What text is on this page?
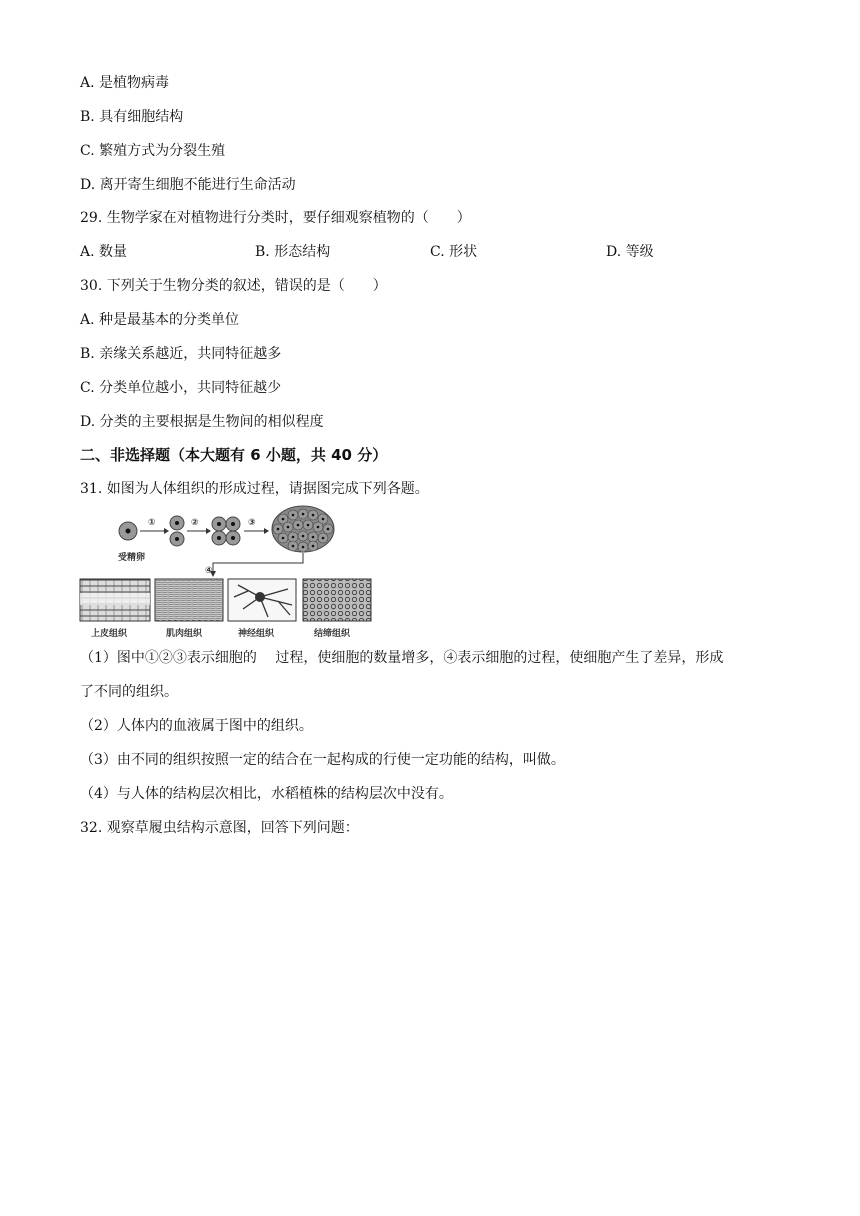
A. 是植物病毒
B. 具有细胞结构
C. 繁殖方式为分裂生殖
D. 离开寄生细胞不能进行生命活动
29. 生物学家在对植物进行分类时，要仔细观察植物的（　　）
A. 数量	B. 形态结构	C. 形状	D. 等级
30. 下列关于生物分类的叙述，错误的是（　　）
A. 种是最基本的分类单位
B. 亲缘关系越近，共同特征越多
C. 分类单位越小，共同特征越少
D. 分类的主要根据是生物间的相似程度
二、非选择题（本大题有 6 小题，共 40 分）
31. 如图为人体组织的形成过程，请据图完成下列各题。
受精卵
①	②	③
④
上皮组织	肌肉组织	神经组织	结缔组织
（1）图中①②③表示细胞的　 过程，使细胞的数量增多，④表示细胞的过程，使细胞产生了差异，形成
了不同的组织。
（2）人体内的血液属于图中的组织。
（3）由不同的组织按照一定的结合在一起构成的行使一定功能的结构，叫做。
（4）与人体的结构层次相比，水稻植株的结构层次中没有。
32. 观察草履虫结构示意图，回答下列问题：
